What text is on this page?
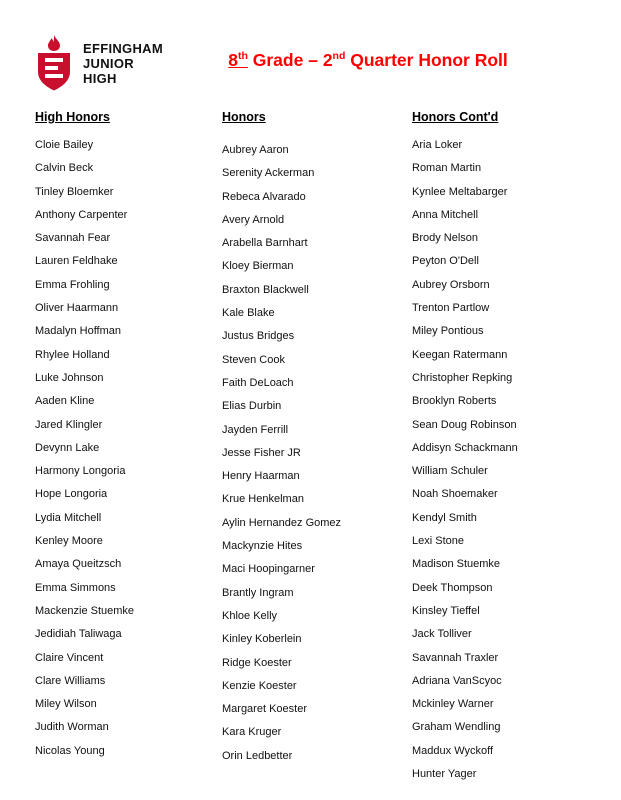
EFFINGHAM
JUNIOR
HIGH
8th Grade – 2nd Quarter Honor Roll
High Honors
Cloie Bailey
Calvin Beck
Tinley Bloemker
Anthony Carpenter
Savannah Fear
Lauren Feldhake
Emma Frohling
Oliver Haarmann
Madalyn Hoffman
Rhylee Holland
Luke Johnson
Aaden Kline
Jared Klingler
Devynn Lake
Harmony Longoria
Hope Longoria
Lydia Mitchell
Kenley Moore
Amaya Queitzsch
Emma Simmons
Mackenzie Stuemke
Jedidiah Taliwaga
Claire Vincent
Clare Williams
Miley Wilson
Judith Worman
Nicolas Young
Honors
Aubrey Aaron
Serenity Ackerman
Rebeca Alvarado
Avery Arnold
Arabella Barnhart
Kloey Bierman
Braxton Blackwell
Kale Blake
Justus Bridges
Steven Cook
Faith DeLoach
Elias Durbin
Jayden Ferrill
Jesse Fisher JR
Henry Haarman
Krue Henkelman
Aylin Hernandez Gomez
Mackynzie Hites
Maci Hoopingarner
Brantly Ingram
Khloe Kelly
Kinley Koberlein
Ridge Koester
Kenzie Koester
Margaret Koester
Kara Kruger
Orin Ledbetter
Honors Cont'd
Aria Loker
Roman Martin
Kynlee Meltabarger
Anna Mitchell
Brody Nelson
Peyton O'Dell
Aubrey Orsborn
Trenton Partlow
Miley Pontious
Keegan Ratermann
Christopher Repking
Brooklyn Roberts
Sean Doug Robinson
Addisyn Schackmann
William Schuler
Noah Shoemaker
Kendyl Smith
Lexi Stone
Madison Stuemke
Deek Thompson
Kinsley Tieffel
Jack Tolliver
Savannah Traxler
Adriana VanScyoc
Mckinley Warner
Graham Wendling
Maddux Wyckoff
Hunter Yager
